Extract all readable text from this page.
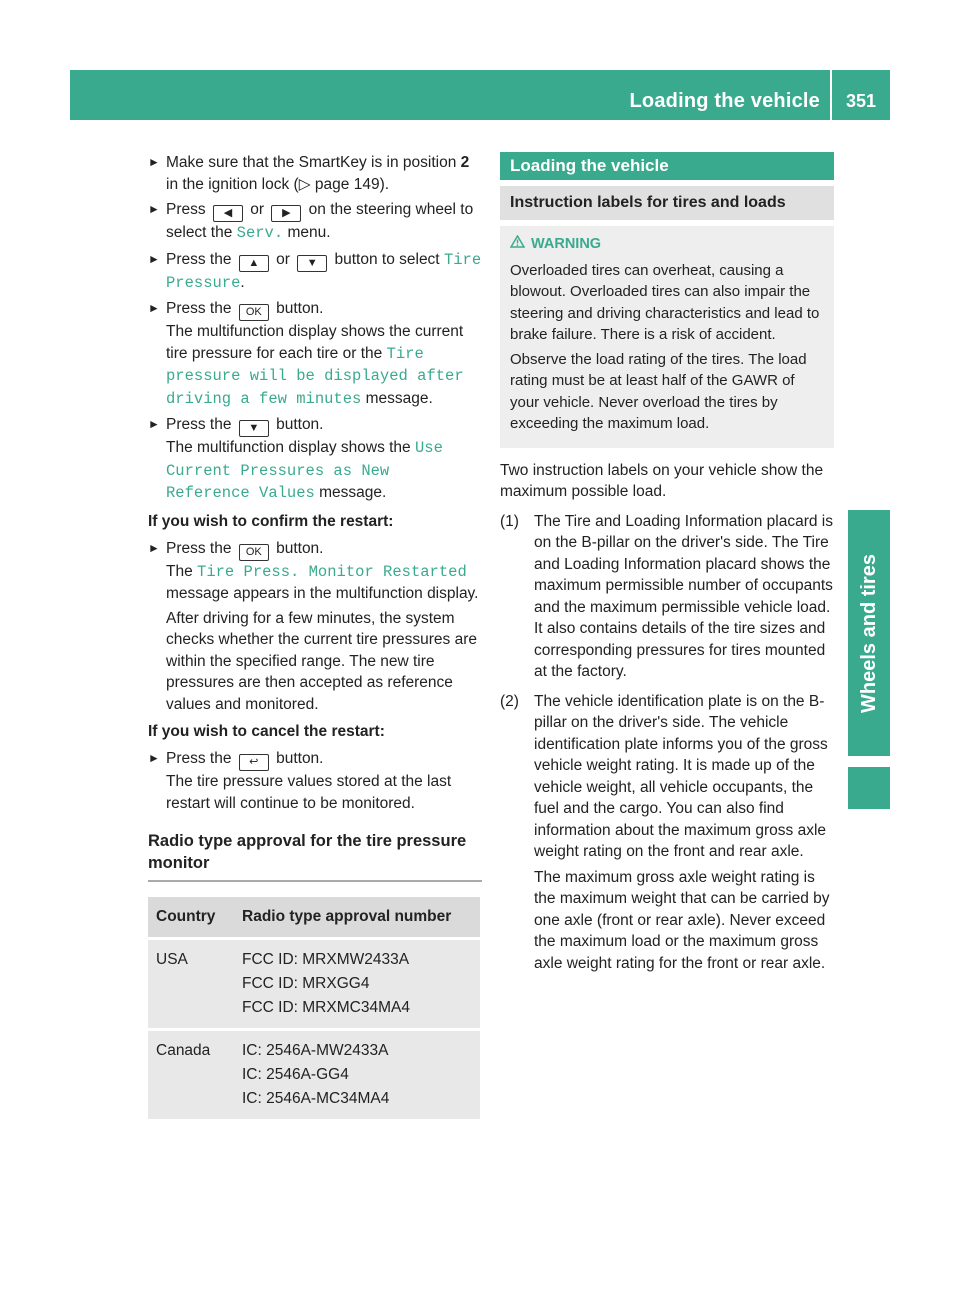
Loading the vehicle	351
Wheels and tires
► Make sure that the SmartKey is in position 2 in the ignition lock (▷ page 149).
► Press ◀ or ▶ on the steering wheel to select the Serv. menu.
► Press the ▲ or ▼ button to select Tire Pressure.
► Press the OK button.
The multifunction display shows the current tire pressure for each tire or the Tire pressure will be displayed after driving a few minutes message.
► Press the ▼ button.
The multifunction display shows the Use Current Pressures as New Reference Values message.
If you wish to confirm the restart:
► Press the OK button.
The Tire Press. Monitor Restarted message appears in the multifunction display.
After driving for a few minutes, the system checks whether the current tire pressures are within the specified range. The new tire pressures are then accepted as reference values and monitored.
If you wish to cancel the restart:
► Press the ↩ button.
The tire pressure values stored at the last restart will continue to be monitored.
Radio type approval for the tire pressure monitor
Country	Radio type approval number
USA	FCC ID: MRXMW2433A
FCC ID: MRXGG4
FCC ID: MRXMC34MA4

Canada	IC: 2546A-MW2433A
IC: 2546A-GG4
IC: 2546A-MC34MA4
Loading the vehicle
Instruction labels for tires and loads
WARNING
Overloaded tires can overheat, causing a blowout. Overloaded tires can also impair the steering and driving characteristics and lead to brake failure. There is a risk of accident.
Observe the load rating of the tires. The load rating must be at least half of the GAWR of your vehicle. Never overload the tires by exceeding the maximum load.
Two instruction labels on your vehicle show the maximum possible load.
(1) The Tire and Loading Information placard is on the B-pillar on the driver's side. The Tire and Loading Information placard shows the maximum permissible number of occupants and the maximum permissible vehicle load. It also contains details of the tire sizes and corresponding pressures for tires mounted at the factory.
(2) The vehicle identification plate is on the B-pillar on the driver's side. The vehicle identification plate informs you of the gross vehicle weight rating. It is made up of the vehicle weight, all vehicle occupants, the fuel and the cargo. You can also find information about the maximum gross axle weight rating on the front and rear axle.
The maximum gross axle weight rating is the maximum weight that can be carried by one axle (front or rear axle). Never exceed the maximum load or the maximum gross axle weight rating for the front or rear axle.
